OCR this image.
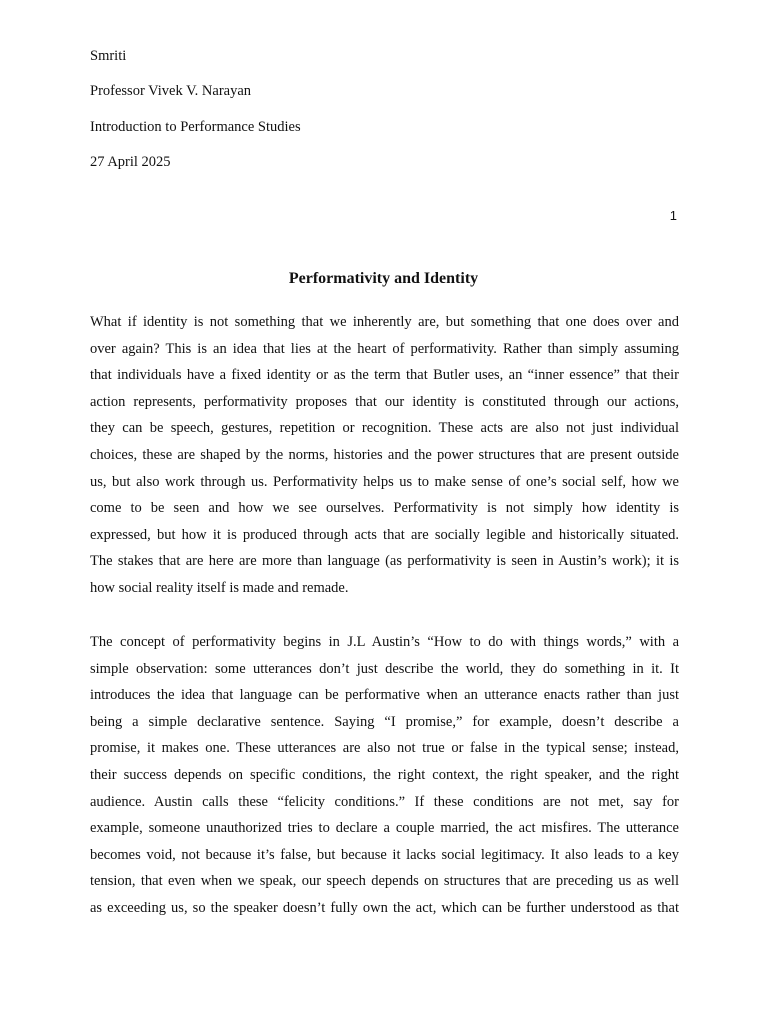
Smriti
Professor Vivek V. Narayan
Introduction to Performance Studies
27 April 2025
1
Performativity and Identity
What if identity is not something that we inherently are, but something that one does over and
over again? This is an idea that lies at the heart of performativity. Rather than simply assuming
that individuals have a fixed identity or as the term that Butler uses, an “inner essence” that their
action represents, performativity proposes that our identity is constituted through our actions,
they can be speech, gestures, repetition or recognition. These acts are also not just individual
choices, these are shaped by the norms, histories and the power structures that are present outside
us, but also work through us. Performativity helps us to make sense of one’s social self, how we
come to be seen and how we see ourselves. Performativity is not simply how identity is
expressed, but how it is produced through acts that are socially legible and historically situated.
The stakes that are here are more than language (as performativity is seen in Austin’s work); it is
how social reality itself is made and remade.
The concept of performativity begins in J.L Austin’s “How to do with things words,” with a
simple observation: some utterances don’t just describe the world, they do something in it. It
introduces the idea that language can be performative when an utterance enacts rather than just
being a simple declarative sentence. Saying “I promise,” for example, doesn’t describe a
promise, it makes one. These utterances are also not true or false in the typical sense; instead,
their success depends on specific conditions, the right context, the right speaker, and the right
audience. Austin calls these “felicity conditions.” If these conditions are not met, say for
example, someone unauthorized tries to declare a couple married, the act misfires. The utterance
becomes void, not because it’s false, but because it lacks social legitimacy. It also leads to a key
tension, that even when we speak, our speech depends on structures that are preceding us as well
as exceeding us, so the speaker doesn’t fully own the act, which can be further understood as that
